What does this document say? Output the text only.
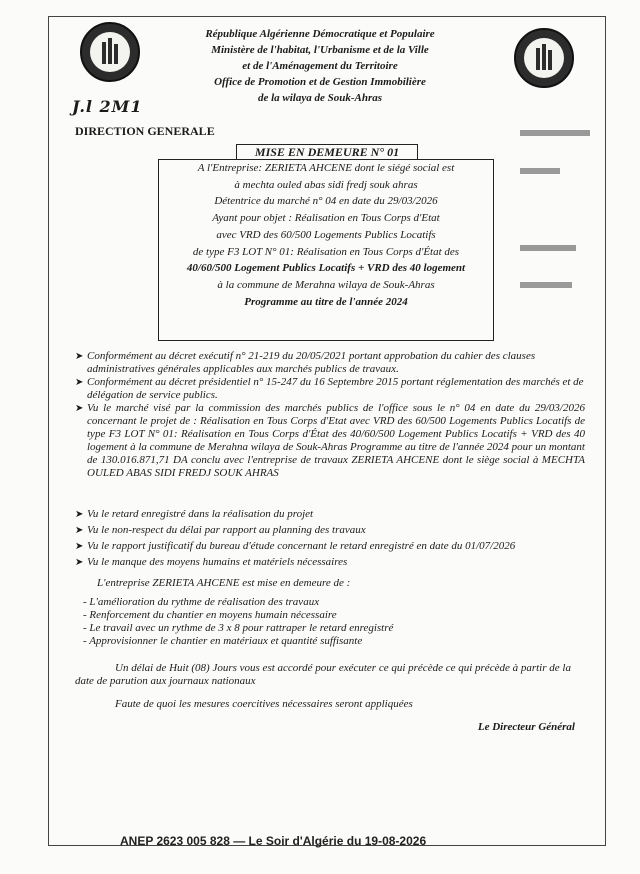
République Algérienne Démocratique et Populaire
Ministère de l'habitat, l'Urbanisme et de la Ville
et de l'Aménagement du Territoire
Office de Promotion et de Gestion Immobilière
de la wilaya de Souk-Ahras
J.l 2M1
DIRECTION GENERALE
MISE EN DEMEURE N° 01
A l'Entreprise: ZERIETA AHCENE dont le siégé social est
à mechta ouled abas sidi fredj souk ahras
Détentrice du marché n° 04 en date du 29/03/2026
Ayant pour objet : Réalisation en Tous Corps d'Etat
avec VRD des 60/500 Logements Publics Locatifs
de type F3 LOT N° 01: Réalisation en Tous Corps d'État des
40/60/500 Logement Publics Locatifs + VRD des 40 logement
à la commune de Merahna wilaya de Souk-Ahras
Programme au titre de l'année 2024
➤ Conformément au décret exécutif n° 21-219 du 20/05/2021 portant approbation du cahier des clauses administratives générales applicables aux marchés publics de travaux.
➤ Conformément au décret présidentiel n° 15-247 du 16 Septembre 2015 portant réglementation des marchés et de délégation de service publics.
➤ Vu le marché visé par la commission des marchés publics de l'office sous le n° 04 en date du 29/03/2026 concernant le projet de : Réalisation en Tous Corps d'Etat avec VRD des 60/500 Logements Publics Locatifs de type F3 LOT N° 01: Réalisation en Tous Corps d'État des 40/60/500 Logement Publics Locatifs + VRD des 40 logement à la commune de Merahna wilaya de Souk-Ahras Programme au titre de l'année 2024 pour un montant de 130.016.871,71 DA conclu avec l'entreprise de travaux ZERIETA AHCENE dont le siège social à MECHTA OULED ABAS SIDI FREDJ SOUK AHRAS
➤ Vu le retard enregistré dans la réalisation du projet
➤ Vu le non-respect du délai par rapport au planning des travaux
➤ Vu le rapport justificatif du bureau d'étude concernant le retard enregistré en date du 01/07/2026
➤ Vu le manque des moyens humains et matériels nécessaires
L'entreprise ZERIETA AHCENE est mise en demeure de :
- L'amélioration du rythme de réalisation des travaux
- Renforcement du chantier en moyens humain nécessaire
- Le travail avec un rythme de 3 x 8 pour rattraper le retard enregistré
- Approvisionner le chantier en matériaux et quantité suffisante
Un délai de Huit (08) Jours vous est accordé pour exécuter ce qui précède ce qui précède à partir de la date de parution aux journaux nationaux
Faute de quoi les mesures coercitives nécessaires seront appliquées
Le Directeur Général
ANEP 2623 005 828 — Le Soir d'Algérie du 19-08-2026
